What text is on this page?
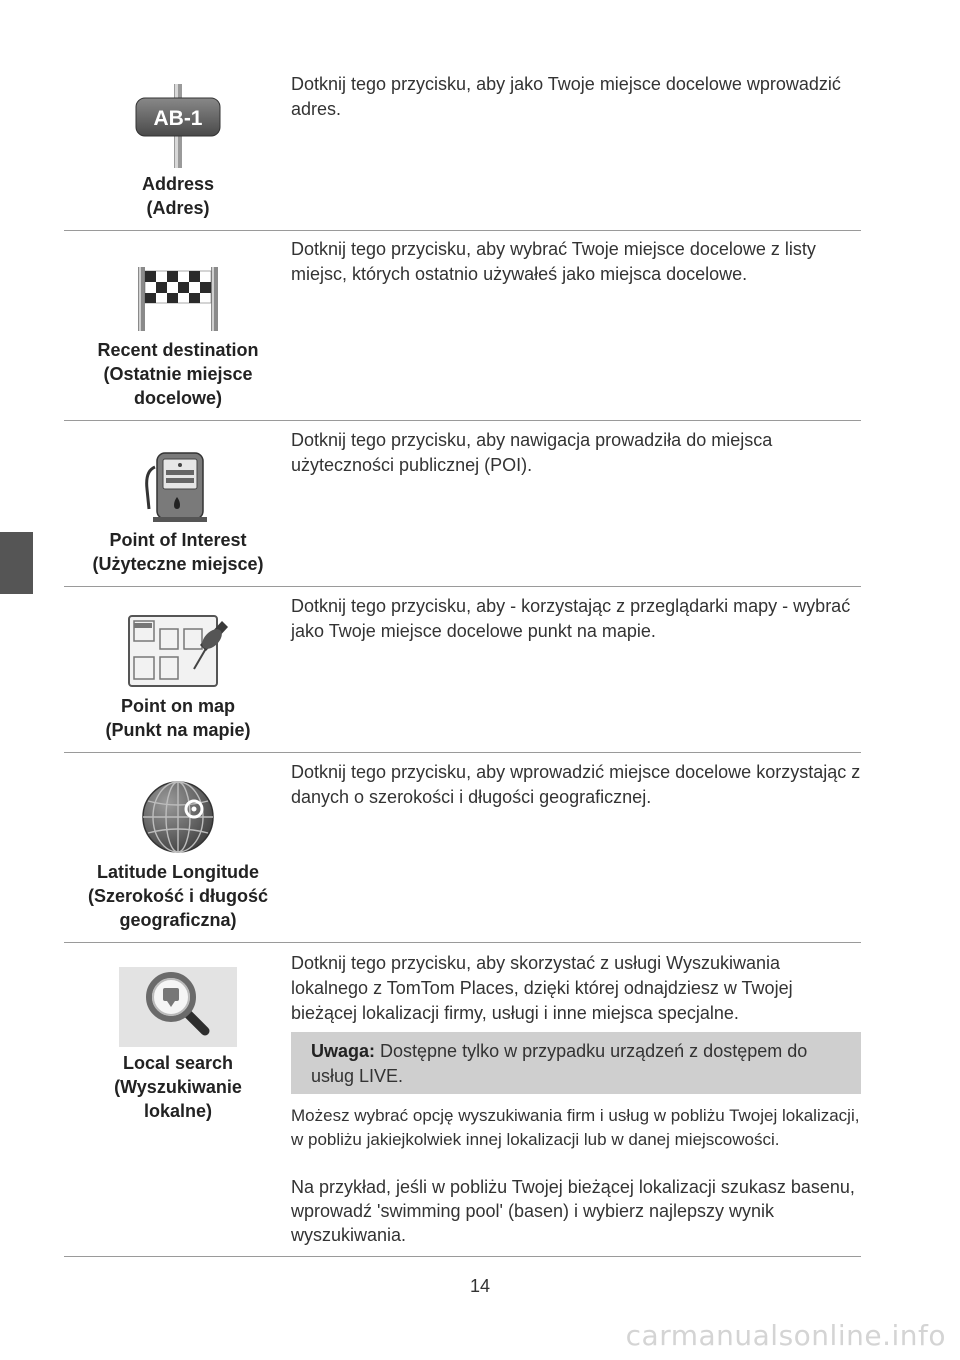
AB-1
Address
(Adres)
Dotknij tego przycisku, aby jako Twoje miejsce docelowe wprowadzić adres.
Recent destination
(Ostatnie miejsce
docelowe)
Dotknij tego przycisku, aby wybrać Twoje miejsce docelowe z listy miejsc, których ostatnio używałeś jako miejsca docelowe.
Point of Interest
(Użyteczne miejsce)
Dotknij tego przycisku, aby nawigacja prowadziła do miejsca użyteczności publicznej (POI).
Point on map
(Punkt na mapie)
Dotknij tego przycisku, aby - korzystając z przeglądarki mapy - wybrać jako Twoje miejsce docelowe punkt na mapie.
Latitude Longitude
(Szerokość i długość
geograficzna)
Dotknij tego przycisku, aby wprowadzić miejsce docelowe korzystając z danych o szerokości i długości geograficznej.
Local search
(Wyszukiwanie
lokalne)
Dotknij tego przycisku, aby skorzystać z usługi Wyszukiwania lokalnego z TomTom Places, dzięki której odnajdziesz w Twojej bieżącej lokalizacji firmy, usługi i inne miejsca specjalne.
Uwaga: Dostępne tylko w przypadku urządzeń z dostępem do usług LIVE.
Możesz wybrać opcję wyszukiwania firm i usług w pobliżu Twojej lokalizacji, w pobliżu jakiejkolwiek innej lokalizacji lub w danej miejscowości.
Na przykład, jeśli w pobliżu Twojej bieżącej lokalizacji szukasz basenu, wprowadź 'swimming pool' (basen) i wybierz najlepszy wynik wyszukiwania.
14
carmanualsonline.info
